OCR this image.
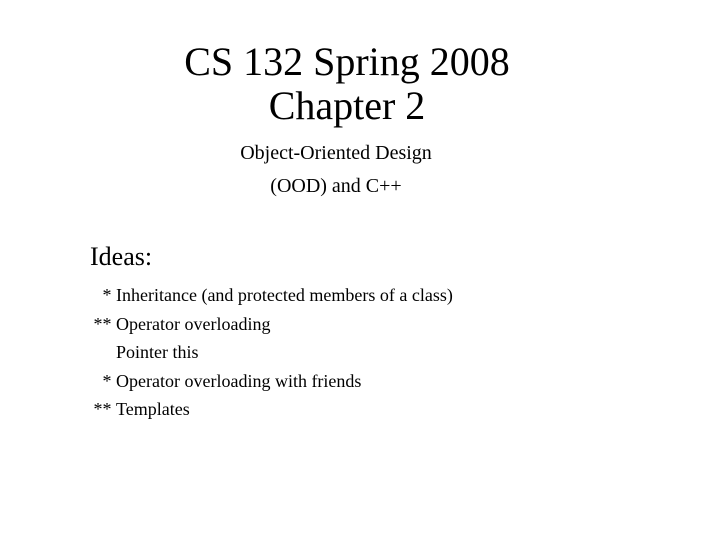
CS 132 Spring 2008
Chapter 2
Object-Oriented Design
(OOD) and C++
Ideas:
* Inheritance (and protected members of a class)
** Operator overloading
Pointer this
* Operator overloading with friends
** Templates
